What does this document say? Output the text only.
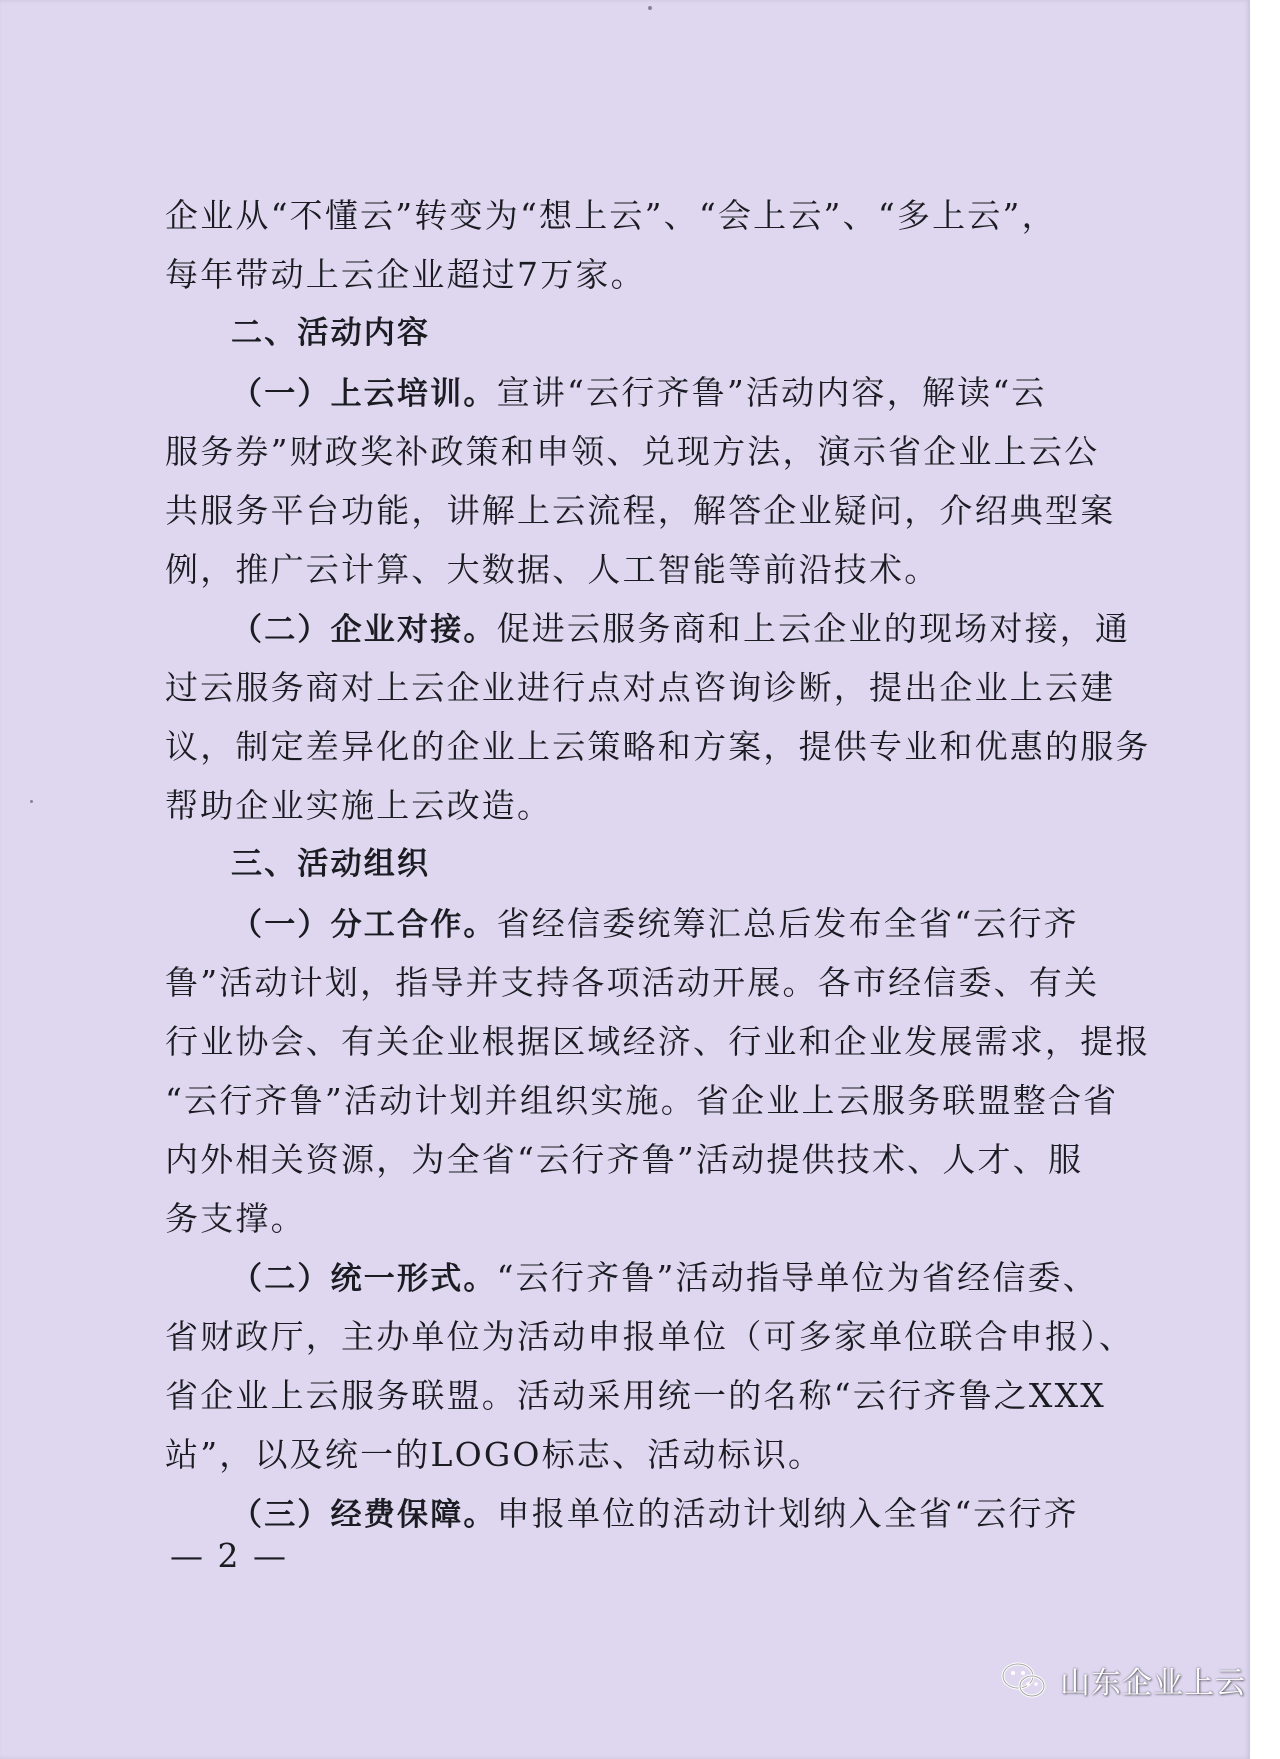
企业从“不懂云”转变为“想上云”、“会上云”、“多上云”，
每年带动上云企业超过7万家。
二、活动内容
（一）上云培训。宣讲“云行齐鲁”活动内容，解读“云
服务券”财政奖补政策和申领、兑现方法，演示省企业上云公
共服务平台功能，讲解上云流程，解答企业疑问，介绍典型案
例，推广云计算、大数据、人工智能等前沿技术。
（二）企业对接。促进云服务商和上云企业的现场对接，通
过云服务商对上云企业进行点对点咨询诊断，提出企业上云建
议，制定差异化的企业上云策略和方案，提供专业和优惠的服务
帮助企业实施上云改造。
三、活动组织
（一）分工合作。省经信委统筹汇总后发布全省“云行齐
鲁”活动计划，指导并支持各项活动开展。各市经信委、有关
行业协会、有关企业根据区域经济、行业和企业发展需求，提报
“云行齐鲁”活动计划并组织实施。省企业上云服务联盟整合省
内外相关资源，为全省“云行齐鲁”活动提供技术、人才、服
务支撑。
（二）统一形式。“云行齐鲁”活动指导单位为省经信委、
省财政厅，主办单位为活动申报单位（可多家单位联合申报）、
省企业上云服务联盟。活动采用统一的名称“云行齐鲁之XXX
站”，以及统一的LOGO标志、活动标识。
（三）经费保障。申报单位的活动计划纳入全省“云行齐
— 2 —
山东企业上云
